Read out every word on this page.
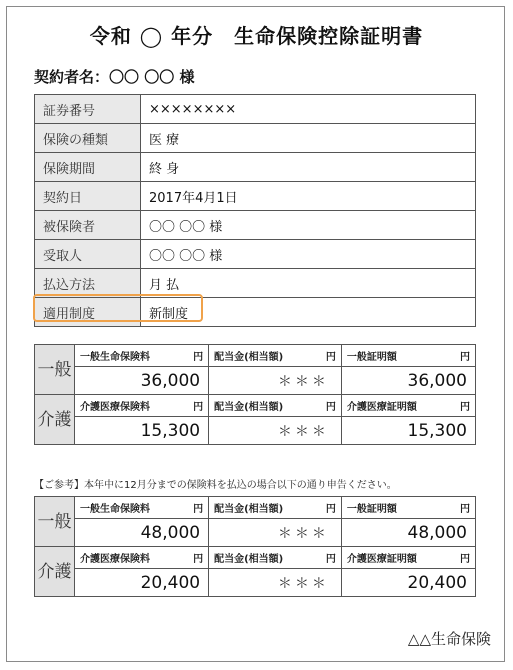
令和 ◯ 年分　生命保険控除証明書
契約者名：〇〇 〇〇 様
証券番号	××××××××
保険の種類	医 療
保険期間	終 身
契約日	2017年4月1日
被保険者	〇〇 〇〇 様
受取人	〇〇 〇〇 様
払込方法	月 払
適用制度	新制度
一般	一般生命保険料 円	配当金(相当額) 円	一般証明額 円

	36,000	＊＊＊	36,000
介護	介護医療保険料 円	配当金(相当額) 円	介護医療証明額 円

	15,300	＊＊＊	15,300
【ご参考】本年中に12月分までの保険料を払込の場合以下の通り申告ください。
一般	一般生命保険料 円	配当金(相当額) 円	一般証明額 円

	48,000	＊＊＊	48,000
介護	介護医療保険料 円	配当金(相当額) 円	介護医療証明額 円

	20,400	＊＊＊	20,400
△△生命保険
